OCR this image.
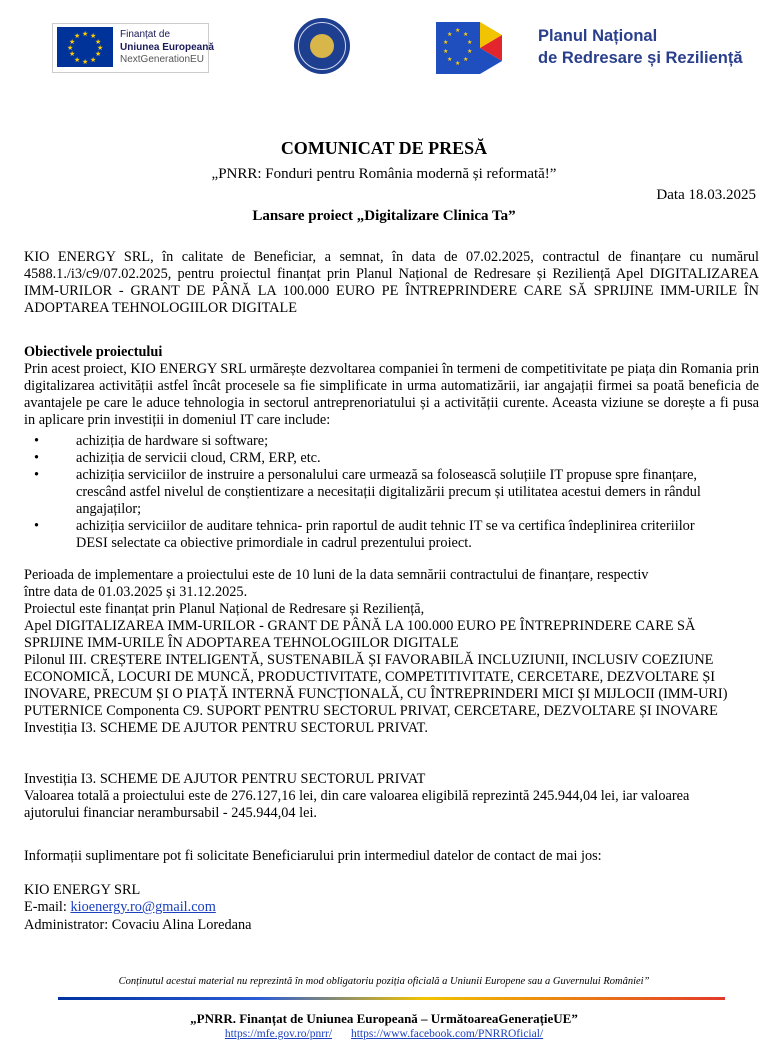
★ ★
★
★
★
★
★
★
★
★
★
★	Finanțat de
Uniunea Europeană
NextGenerationEU
★
★
★
★
★
★
★
★
★
★	Planul Național
de Redresare și Reziliență
COMUNICAT DE PRESĂ
„PNRR: Fonduri pentru România modernă și reformată!”
Data 18.03.2025
Lansare proiect „Digitalizare Clinica Ta”
KIO ENERGY SRL, în calitate de Beneficiar, a semnat, în data de 07.02.2025, contractul de finanțare cu numărul 4588.1./i3/c9/07.02.2025, pentru proiectul finanțat prin Planul Național de Redresare și Reziliență Apel DIGITALIZAREA IMM-URILOR - GRANT DE PÂNĂ LA 100.000 EURO PE ÎNTREPRINDERE CARE SĂ SPRIJINE IMM-URILE ÎN ADOPTAREA TEHNOLOGIILOR DIGITALE
Obiectivele proiectului
Prin acest proiect, KIO ENERGY SRL urmărește dezvoltarea companiei în termeni de competitivitate pe piața din Romania prin digitalizarea activității astfel încât procesele sa fie simplificate in urma automatizării, iar angajații firmei sa poată beneficia de avantajele pe care le aduce tehnologia in sectorul antreprenoriatului și a activității curente. Aceasta viziune se dorește a fi pusa in aplicare prin investiții in domeniul IT care include:
• achiziția de hardware si software;
• achiziția de servicii cloud, CRM, ERP, etc.
• achiziția serviciilor de instruire a personalului care urmează sa folosească soluțiile IT propuse spre finanțare, crescând astfel nivelul de conștientizare a necesitații digitalizării precum și utilitatea acestui demers in rândul angajaților;
• achiziția serviciilor de auditare tehnica- prin raportul de audit tehnic IT se va certifica îndeplinirea criteriilor DESI selectate ca obiective primordiale in cadrul prezentului proiect.
Perioada de implementare a proiectului este de 10 luni de la data semnării contractului de finanțare, respectiv
între data de 01.03.2025 și 31.12.2025.
Proiectul este finanțat prin Planul Național de Redresare și Reziliență,
Apel DIGITALIZAREA IMM-URILOR - GRANT DE PÂNĂ LA 100.000 EURO PE ÎNTREPRINDERE CARE SĂ SPRIJINE IMM-URILE ÎN ADOPTAREA TEHNOLOGIILOR DIGITALE
Pilonul III. CREȘTERE INTELIGENTĂ, SUSTENABILĂ ȘI FAVORABILĂ INCLUZIUNII, INCLUSIV COEZIUNE ECONOMICĂ, LOCURI DE MUNCĂ, PRODUCTIVITATE, COMPETITIVITATE, CERCETARE, DEZVOLTARE ȘI INOVARE, PRECUM ȘI O PIAȚĂ INTERNĂ FUNCȚIONALĂ, CU ÎNTREPRINDERI MICI ȘI MIJLOCII (IMM-URI) PUTERNICE Componenta C9. SUPORT PENTRU SECTORUL PRIVAT, CERCETARE, DEZVOLTARE ȘI INOVARE Investiția I3. SCHEME DE AJUTOR PENTRU SECTORUL PRIVAT.
Investiția I3. SCHEME DE AJUTOR PENTRU SECTORUL PRIVAT
Valoarea totală a proiectului este de 276.127,16 lei, din care valoarea eligibilă reprezintă 245.944,04 lei, iar valoarea ajutorului financiar nerambursabil - 245.944,04 lei.
Informații suplimentare pot fi solicitate Beneficiarului prin intermediul datelor de contact de mai jos:
KIO ENERGY SRL
E-mail: kioenergy.ro@gmail.com
Administrator: Covaciu Alina Loredana
Conținutul acestui material nu reprezintă în mod obligatoriu poziția oficială a Uniunii Europene sau a Guvernului României”
„PNRR. Finanțat de Uniunea Europeană – UrmătoareaGenerațieUE”
https://mfe.gov.ro/pnrr/ https://www.facebook.com/PNRROficial/
